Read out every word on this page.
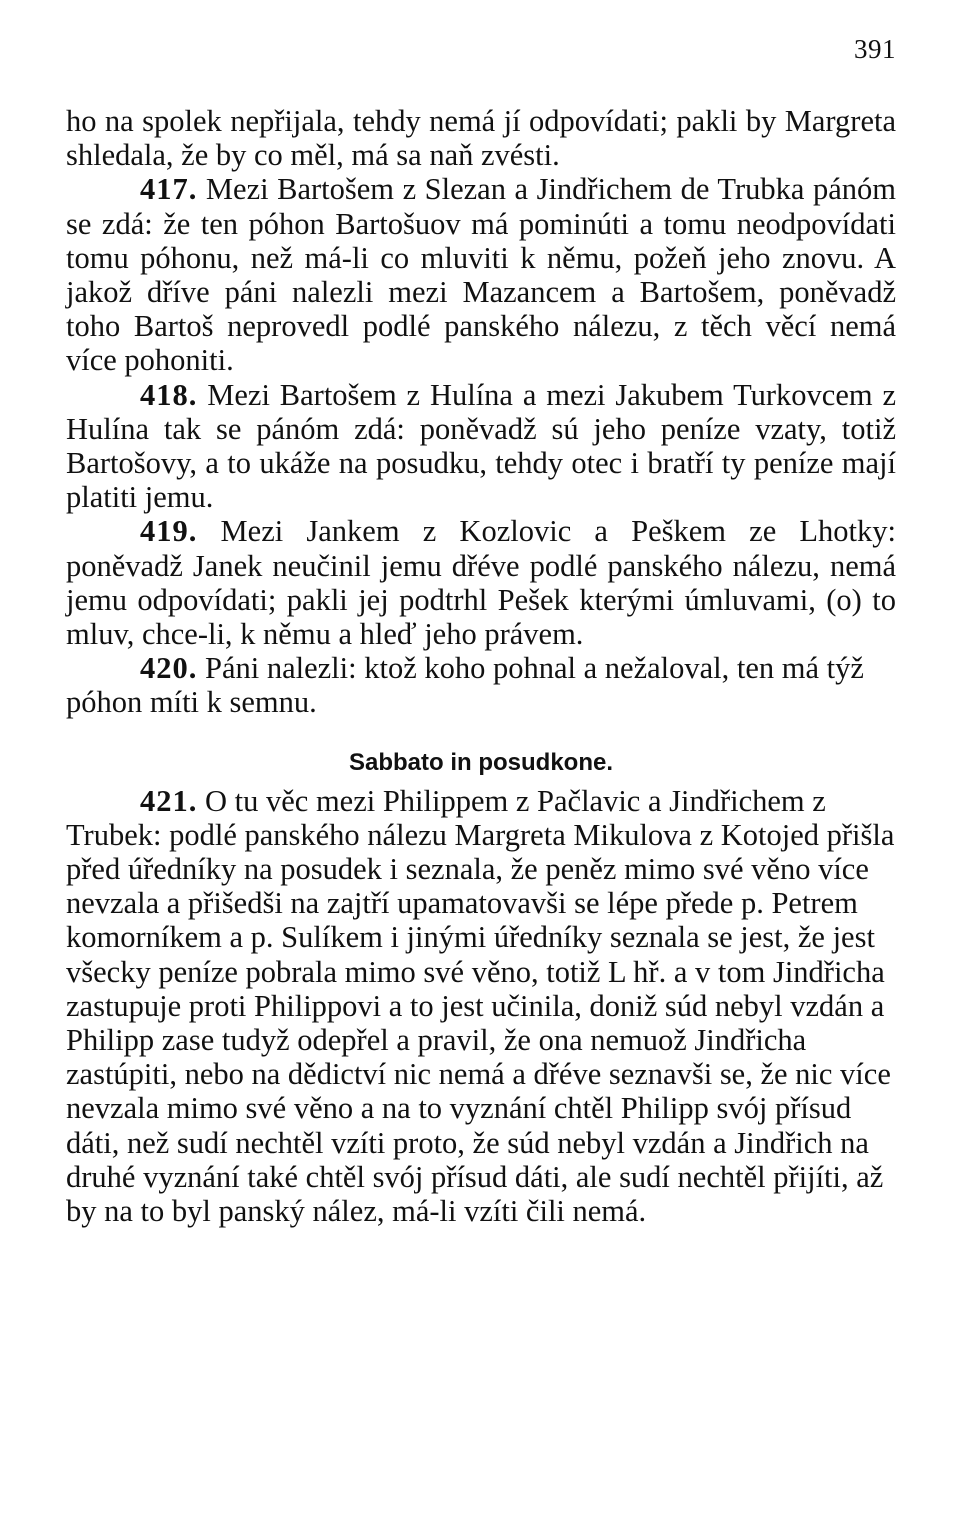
391

ho na spolek nepřijala, tehdy nemá jí odpovídati; pakli by Margreta shledala, že by co měl, má sa naň zvésti.

417. Mezi Bartošem z Slezan a Jindřichem de Trubka pánóm se zdá: že ten póhon Bartošuov má pominúti a tomu neodpovídati tomu póhonu, než má-li co mluviti k němu, požeň jeho znovu. A jakož dříve páni nalezli mezi Mazancem a Bartošem, poněvadž toho Bartoš neprovedl podlé panského nálezu, z těch věcí nemá více pohoniti.

418. Mezi Bartošem z Hulína a mezi Jakubem Turkovcem z Hulína tak se pánóm zdá: poněvadž sú jeho peníze vzaty, totiž Bartošovy, a to ukáže na posudku, tehdy otec i bratří ty peníze mají platiti jemu.

419. Mezi Jankem z Kozlovic a Peškem ze Lhotky: poněvadž Janek neučinil jemu dřéve podlé panského nálezu, nemá jemu odpovídati; pakli jej podtrhl Pešek kterými úmluvami, (o) to mluv, chce-li, k němu a hleď jeho právem.

420. Páni nalezli: ktož koho pohnal a nežaloval, ten má týž póhon míti k semnu.

Sabbato in posudkone.

421. O tu věc mezi Philippem z Pačlavic a Jindřichem z Trubek: podlé panského nálezu Margreta Mikulova z Kotojed přišla před úředníky na posudek i seznala, že peněz mimo své věno více nevzala a přišedši na zajtří upamatovavši se lépe přede p. Petrem komorníkem a p. Sulíkem i jinými úředníky seznala se jest, že jest všecky peníze pobrala mimo své věno, totiž L hř. a v tom Jindřicha zastupuje proti Philippovi a to jest učinila, doniž súd nebyl vzdán a Philipp zase tudyž odepřel a pravil, že ona nemuož Jindřicha zastúpiti, nebo na dědictví nic nemá a dřéve seznavši se, že nic více nevzala mimo své věno a na to vyznání chtěl Philipp svój přísud dáti, než sudí nechtěl vzíti proto, že súd nebyl vzdán a Jindřich na druhé vyznání také chtěl svój přísud dáti, ale sudí nechtěl přijíti, až by na to byl panský nález, má-li vzíti čili nemá.
